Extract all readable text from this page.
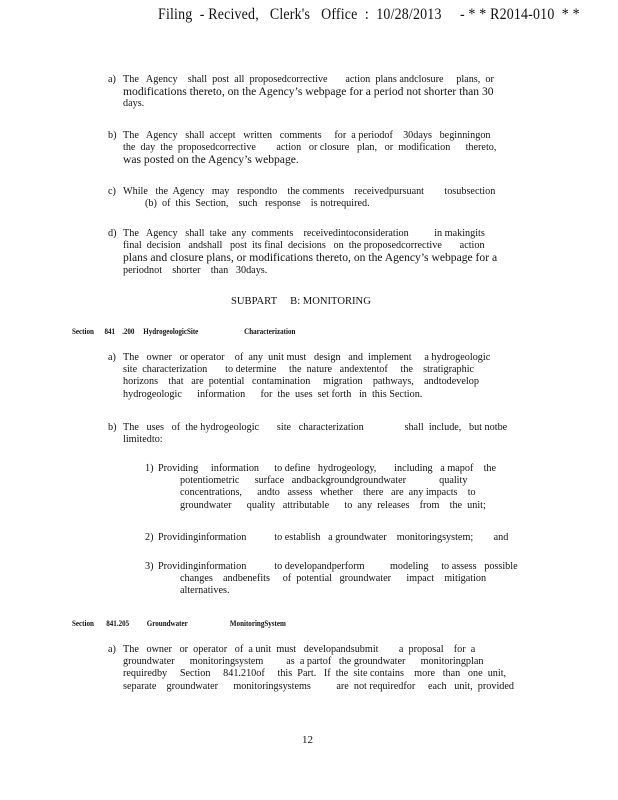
Filing  - Recived,   Clerk's   Office  :  10/28/2013     - * * R2014-010  * *
a) The   Agency    shall  post  all  proposedcorrective       action  plans andclosure     plans,  or
modifications thereto, on the Agency’s webpage for a period not shorter than 30
days.
b) The   Agency   shall  accept   written   comments     for  a periodof    30days   beginningon
the  day  the  proposedcorrective        action   or closure   plan,   or  modification      thereto,
was posted on the Agency’s webpage.
c) While   the  Agency   may   respondto    the comments    receivedpursuant        tosubsection
(b)  of  this  Section,    such   response    is notrequired.
d) The   Agency   shall  take  any  comments    receivedintoconsideration          in makingits
final  decision   andshall   post  its final  decisions   on  the proposedcorrective       action
plans and closure plans, or modifications thereto, on the Agency’s webpage for a
periodnot    shorter    than   30days.
SUBPART     B: MONITORING
Section      841    .200     HydrogeologicSite                          Characterization
a) The   owner   or operator    of  any  unit must   design   and  implement     a hydrogeologic
site  characterization       to determine     the  nature   andextentof     the    stratigraphic
horizons    that   are  potential   contamination     migration    pathways,    andtodevelop
hydrogeologic      information      for  the  uses  set forth   in  this Section.
b) The   uses   of  the hydrogeologic       site   characterization                shall  include,   but notbe
limitedto:
1) Providing     information      to define   hydrogeology,       including   a mapof    the
potentiometric      surface   andbackgroundgroundwater             quality
concentrations,      andto   assess   whether    there   are  any impacts    to
groundwater      quality   attributable      to  any  releases    from    the  unit;
2) Providinginformation           to establish   a groundwater    monitoringsystem;        and
3) Providinginformation           to developandperform          modeling     to assess   possible
changes    andbenefits     of  potential   groundwater      impact    mitigation
alternatives.
Section       841.205          Groundwater                        MonitoringSystem
a) The   owner   or  operator   of  a unit  must   developandsubmit        a  proposal    for  a
groundwater      monitoringsystem         as  a partof   the groundwater      monitoringplan
requiredby     Section     841.210of     this  Part.   If  the  site contains    more   than   one  unit,
separate    groundwater      monitoringsystems          are  not requiredfor     each   unit,  provided
12
